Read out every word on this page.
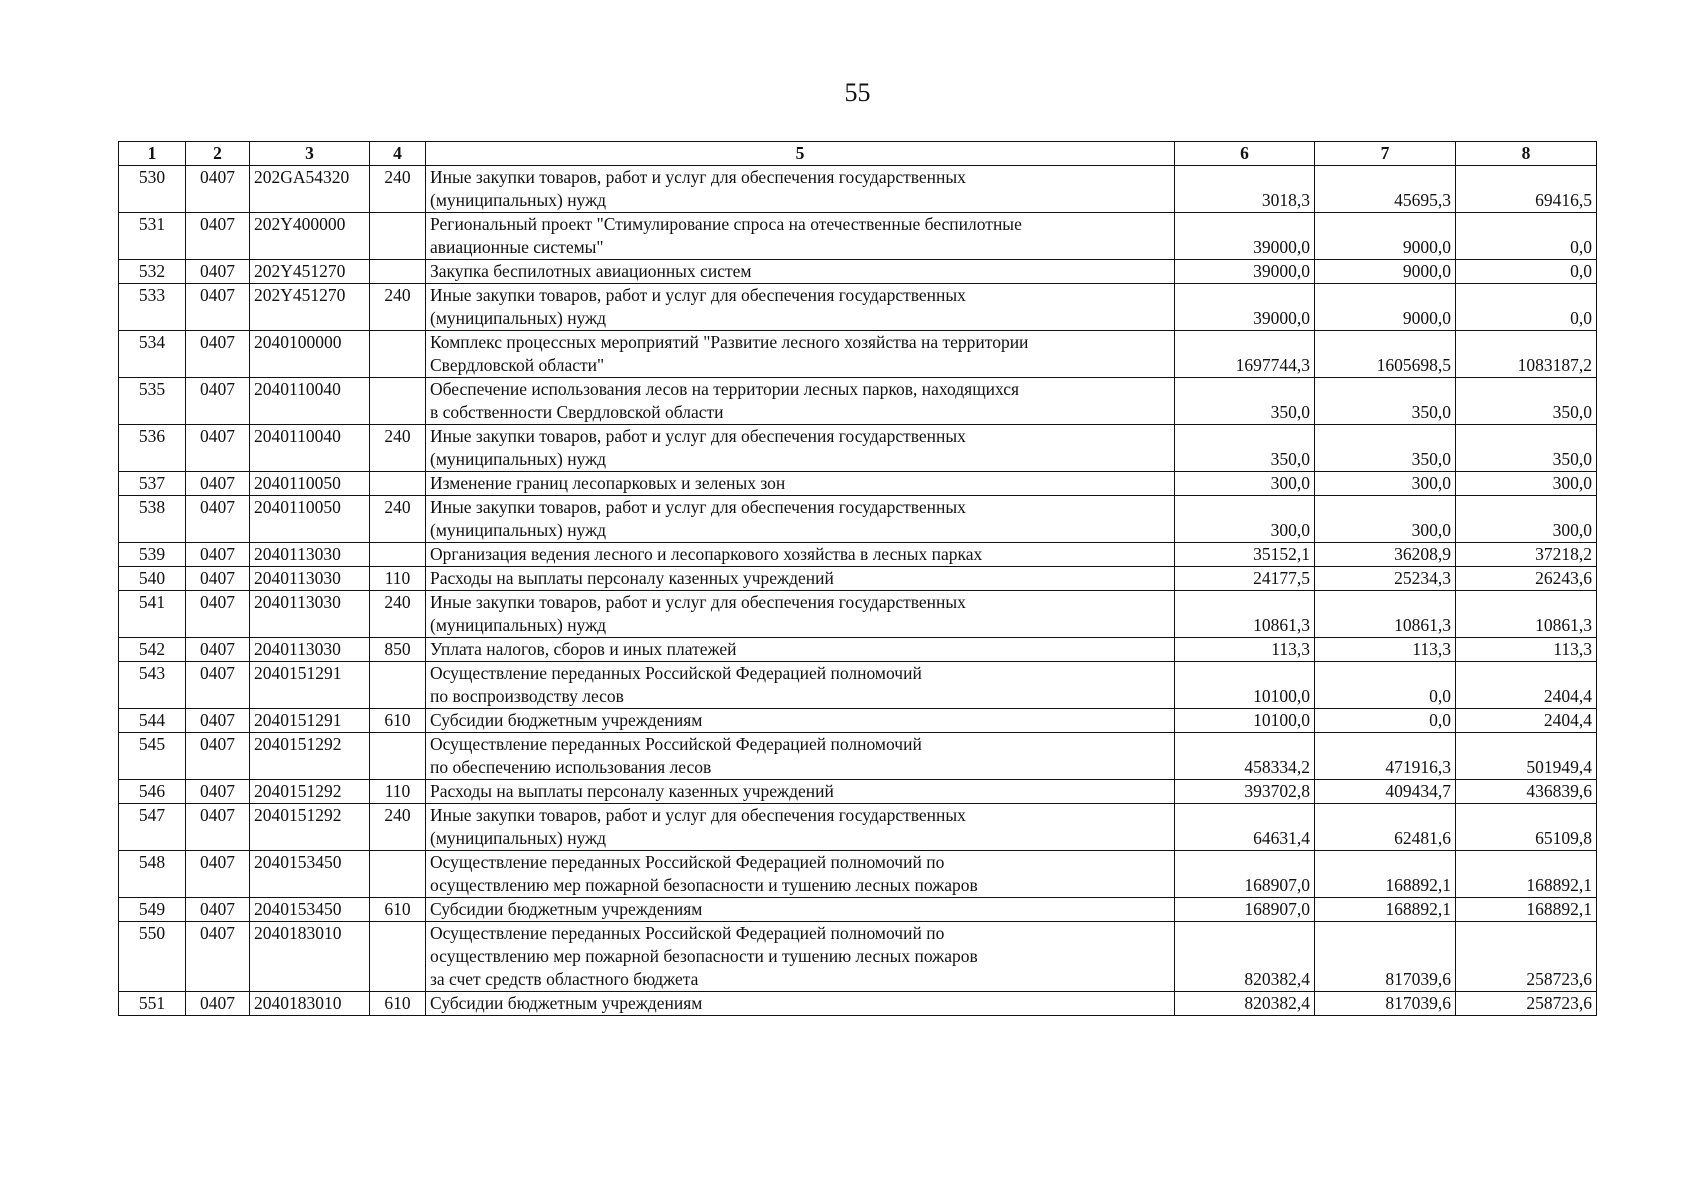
55
1	2	3	4	5	6	7	8
530	0407	202GA54320	240	Иные закупки товаров, работ и услуг для обеспечения государственных
(муниципальных) нужд	3018,3	45695,3	69416,5
531	0407	202Y400000		Региональный проект "Стимулирование спроса на отечественные беспилотные
авиационные системы"	39000,0	9000,0	0,0
532	0407	202Y451270		Закупка беспилотных авиационных систем	39000,0	9000,0	0,0
533	0407	202Y451270	240	Иные закупки товаров, работ и услуг для обеспечения государственных
(муниципальных) нужд	39000,0	9000,0	0,0
534	0407	2040100000		Комплекс процессных мероприятий "Развитие лесного хозяйства на территории
Свердловской области"	1697744,3	1605698,5	1083187,2
535	0407	2040110040		Обеспечение использования лесов на территории лесных парков, находящихся
в собственности Свердловской области	350,0	350,0	350,0
536	0407	2040110040	240	Иные закупки товаров, работ и услуг для обеспечения государственных
(муниципальных) нужд	350,0	350,0	350,0
537	0407	2040110050		Изменение границ лесопарковых и зеленых зон	300,0	300,0	300,0
538	0407	2040110050	240	Иные закупки товаров, работ и услуг для обеспечения государственных
(муниципальных) нужд	300,0	300,0	300,0
539	0407	2040113030		Организация ведения лесного и лесопаркового хозяйства в лесных парках	35152,1	36208,9	37218,2
540	0407	2040113030	110	Расходы на выплаты персоналу казенных учреждений	24177,5	25234,3	26243,6
541	0407	2040113030	240	Иные закупки товаров, работ и услуг для обеспечения государственных
(муниципальных) нужд	10861,3	10861,3	10861,3
542	0407	2040113030	850	Уплата налогов, сборов и иных платежей	113,3	113,3	113,3
543	0407	2040151291		Осуществление переданных Российской Федерацией полномочий
по воспроизводству лесов	10100,0	0,0	2404,4
544	0407	2040151291	610	Субсидии бюджетным учреждениям	10100,0	0,0	2404,4
545	0407	2040151292		Осуществление переданных Российской Федерацией полномочий
по обеспечению использования лесов	458334,2	471916,3	501949,4
546	0407	2040151292	110	Расходы на выплаты персоналу казенных учреждений	393702,8	409434,7	436839,6
547	0407	2040151292	240	Иные закупки товаров, работ и услуг для обеспечения государственных
(муниципальных) нужд	64631,4	62481,6	65109,8
548	0407	2040153450		Осуществление переданных Российской Федерацией полномочий по
осуществлению мер пожарной безопасности и тушению лесных пожаров	168907,0	168892,1	168892,1
549	0407	2040153450	610	Субсидии бюджетным учреждениям	168907,0	168892,1	168892,1
550	0407	2040183010		Осуществление переданных Российской Федерацией полномочий по
осуществлению мер пожарной безопасности и тушению лесных пожаров
за счет средств областного бюджета	820382,4	817039,6	258723,6
551	0407	2040183010	610	Субсидии бюджетным учреждениям	820382,4	817039,6	258723,6
